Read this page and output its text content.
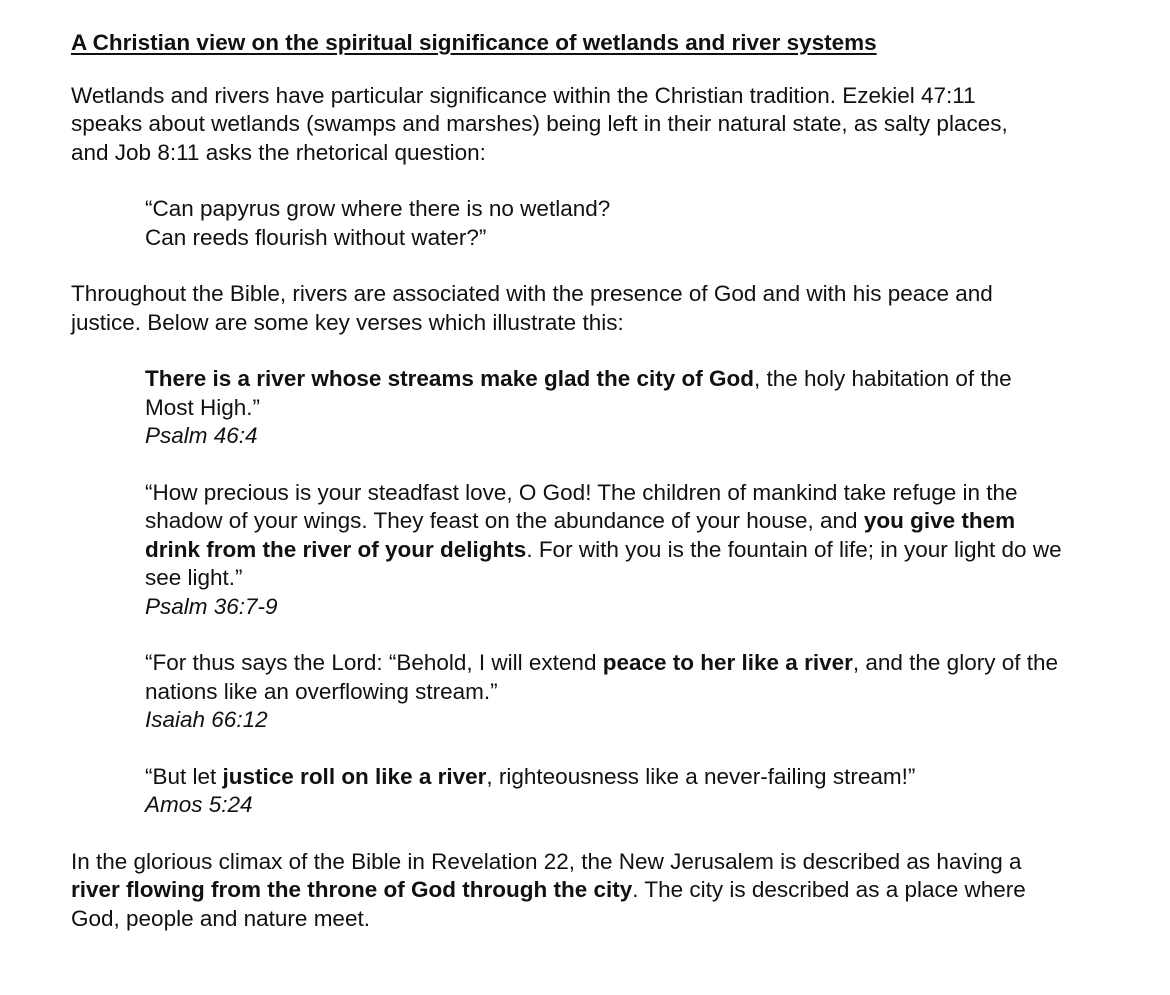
A Christian view on the spiritual significance of wetlands and river systems

Wetlands and rivers have particular significance within the Christian tradition. Ezekiel 47:11 speaks about wetlands (swamps and marshes) being left in their natural state, as salty places, and Job 8:11 asks the rhetorical question:

“Can papyrus grow where there is no wetland?
Can reeds flourish without water?”

Throughout the Bible, rivers are associated with the presence of God and with his peace and justice. Below are some key verses which illustrate this:

There is a river whose streams make glad the city of God, the holy habitation of the Most High.”
Psalm 46:4
“How precious is your steadfast love, O God! The children of mankind take refuge in the shadow of your wings. They feast on the abundance of your house, and you give them drink from the river of your delights. For with you is the fountain of life; in your light do we see light.”
Psalm 36:7-9
“For thus says the Lord: “Behold, I will extend peace to her like a river, and the glory of the nations like an overflowing stream.”
Isaiah 66:12
“But let justice roll on like a river, righteousness like a never-failing stream!”
Amos 5:24

In the glorious climax of the Bible in Revelation 22, the New Jerusalem is described as having a river flowing from the throne of God through the city. The city is described as a place where God, people and nature meet.
